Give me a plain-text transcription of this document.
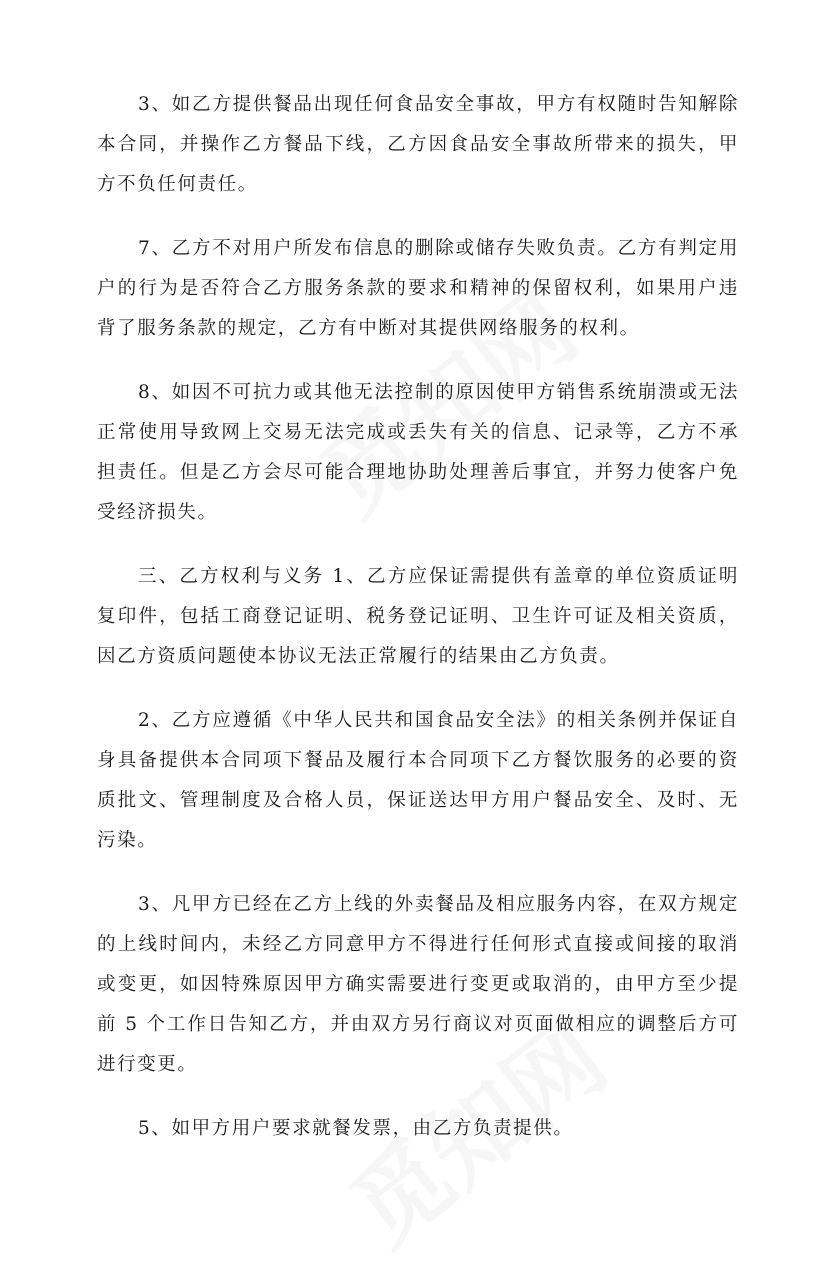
3、如乙方提供餐品出现任何食品安全事故，甲方有权随时告知解除本合同，并操作乙方餐品下线，乙方因食品安全事故所带来的损失，甲方不负任何责任。

7、乙方不对用户所发布信息的删除或储存失败负责。乙方有判定用户的行为是否符合乙方服务条款的要求和精神的保留权利，如果用户违背了服务条款的规定，乙方有中断对其提供网络服务的权利。

8、如因不可抗力或其他无法控制的原因使甲方销售系统崩溃或无法正常使用导致网上交易无法完成或丢失有关的信息、记录等，乙方不承担责任。但是乙方会尽可能合理地协助处理善后事宜，并努力使客户免受经济损失。

三、乙方权利与义务 1、乙方应保证需提供有盖章的单位资质证明复印件，包括工商登记证明、税务登记证明、卫生许可证及相关资质，因乙方资质问题使本协议无法正常履行的结果由乙方负责。

2、乙方应遵循《中华人民共和国食品安全法》的相关条例并保证自身具备提供本合同项下餐品及履行本合同项下乙方餐饮服务的必要的资质批文、管理制度及合格人员，保证送达甲方用户餐品安全、及时、无污染。

3、凡甲方已经在乙方上线的外卖餐品及相应服务内容，在双方规定的上线时间内，未经乙方同意甲方不得进行任何形式直接或间接的取消或变更，如因特殊原因甲方确实需要进行变更或取消的，由甲方至少提前 5 个工作日告知乙方，并由双方另行商议对页面做相应的调整后方可进行变更。

5、如甲方用户要求就餐发票，由乙方负责提供。
